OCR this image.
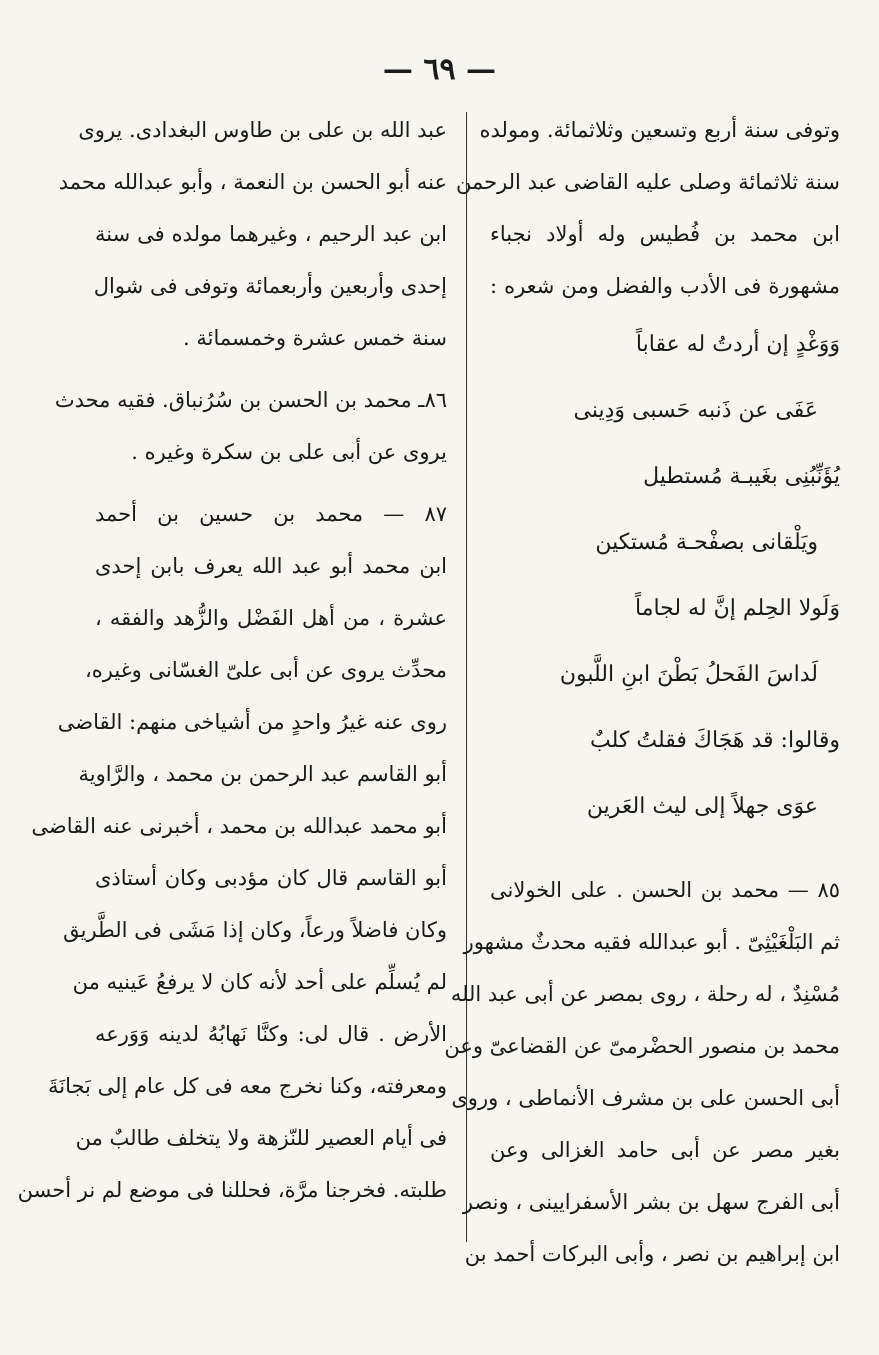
— ٦٩ —
وتوفى سنة أربع وتسعين وثلاثمائة. ومولده
سنة ثلاثمائة وصلى عليه القاضى عبد الرحمن
ابن محمد بن فُطيس وله أولاد نجباء
مشهورة فى الأدب والفضل ومن شعره :
وَوَغْدٍ إن أردتُ له عقاباً
عَفَى عن ذَنبه حَسبى وَدِينى
يُؤَنِّبُنِى بغَيبـة مُستطيل
ويَلْقانى بصفْحـة مُستكين
وَلَولا الحِلم إنَّ له لجاماً
لَداسَ الفَحلُ بَطْنَ ابنِ اللَّبون
وقالوا: قد هَجَاكَ فقلتُ كلبٌ
عوَى جهلاً إلى ليث العَرين
٨٥ — محمد بن الحسن . على الخولانى
ثم البَلْغَيْثِىّ . أبو عبدالله فقيه محدثٌ مشهور
مُسْنِدٌ ، له رحلة ، روى بمصر عن أبى عبد الله
محمد بن منصور الحضْرمىّ عن القضاعىّ وعن
أبى الحسن على بن مشرف الأنماطى ، وروى
بغير مصر عن أبى حامد الغزالى وعن
أبى الفرج سهل بن بشر الأسفرايينى ، ونصر
ابن إبراهيم بن نصر ، وأبى البركات أحمد بن
عبد الله بن على بن طاوس البغدادى. يروى
عنه أبو الحسن بن النعمة ، وأبو عبدالله محمد
ابن عبد الرحيم ، وغيرهما مولده فى سنة
إحدى وأربعين وأربعمائة وتوفى فى شوال
سنة خمس عشرة وخمسمائة .
٨٦ـ محمد بن الحسن بن سُرُنباق. فقيه محدث
يروى عن أبى على بن سكرة وغيره .
٨٧ — محمد بن حسين بن أحمد
ابن محمد أبو عبد الله يعرف بابن إحدى
عشرة ، من أهل الفَضْل والزُّهد والفقه ،
محدِّث يروى عن أبى علىّ الغسّانى وغيره،
روى عنه غيرُ واحدٍ من أشياخى منهم: القاضى
أبو القاسم عبد الرحمن بن محمد ، والرَّاوية
أبو محمد عبدالله بن محمد ، أخبرنى عنه القاضى
أبو القاسم قال كان مؤدبى وكان أستاذى
وكان فاضلاً ورعاً، وكان إذا مَشَى فى الطَّريق
لم يُسلِّم على أحد لأنه كان لا يرفعُ عَينيه من
الأرض . قال لى: وكنَّا نَهابُهُ لدينه وَوَرعه
ومعرفته، وكنا نخرج معه فى كل عام إلى بَجانَةَ
فى أيام العصير للنّزهة ولا يتخلف طالبٌ من
طلبته. فخرجنا مرَّة، فحللنا فى موضع لم نر أحسن
